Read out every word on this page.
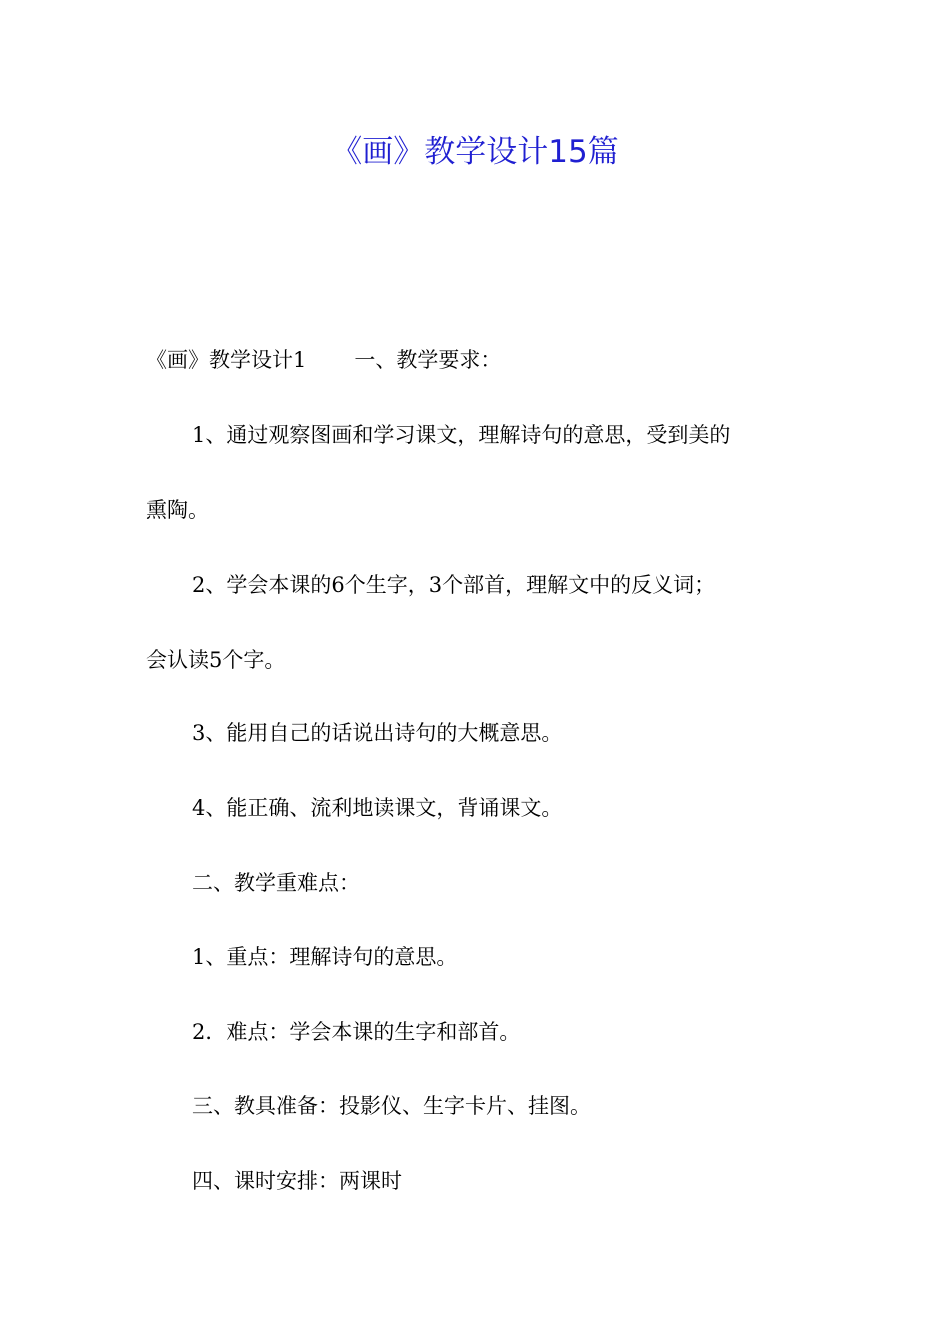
《画》教学设计15篇
《画》教学设计1 一、教学要求：
1、通过观察图画和学习课文，理解诗句的意思，受到美的
熏陶。
2、学会本课的6个生字，3个部首，理解文中的反义词；
会认读5个字。
3、能用自己的话说出诗句的大概意思。
4、能正确、流利地读课文，背诵课文。
二、教学重难点：
1、重点：理解诗句的意思。
2．难点：学会本课的生字和部首。
三、教具准备：投影仪、生字卡片、挂图。
四、课时安排：两课时
